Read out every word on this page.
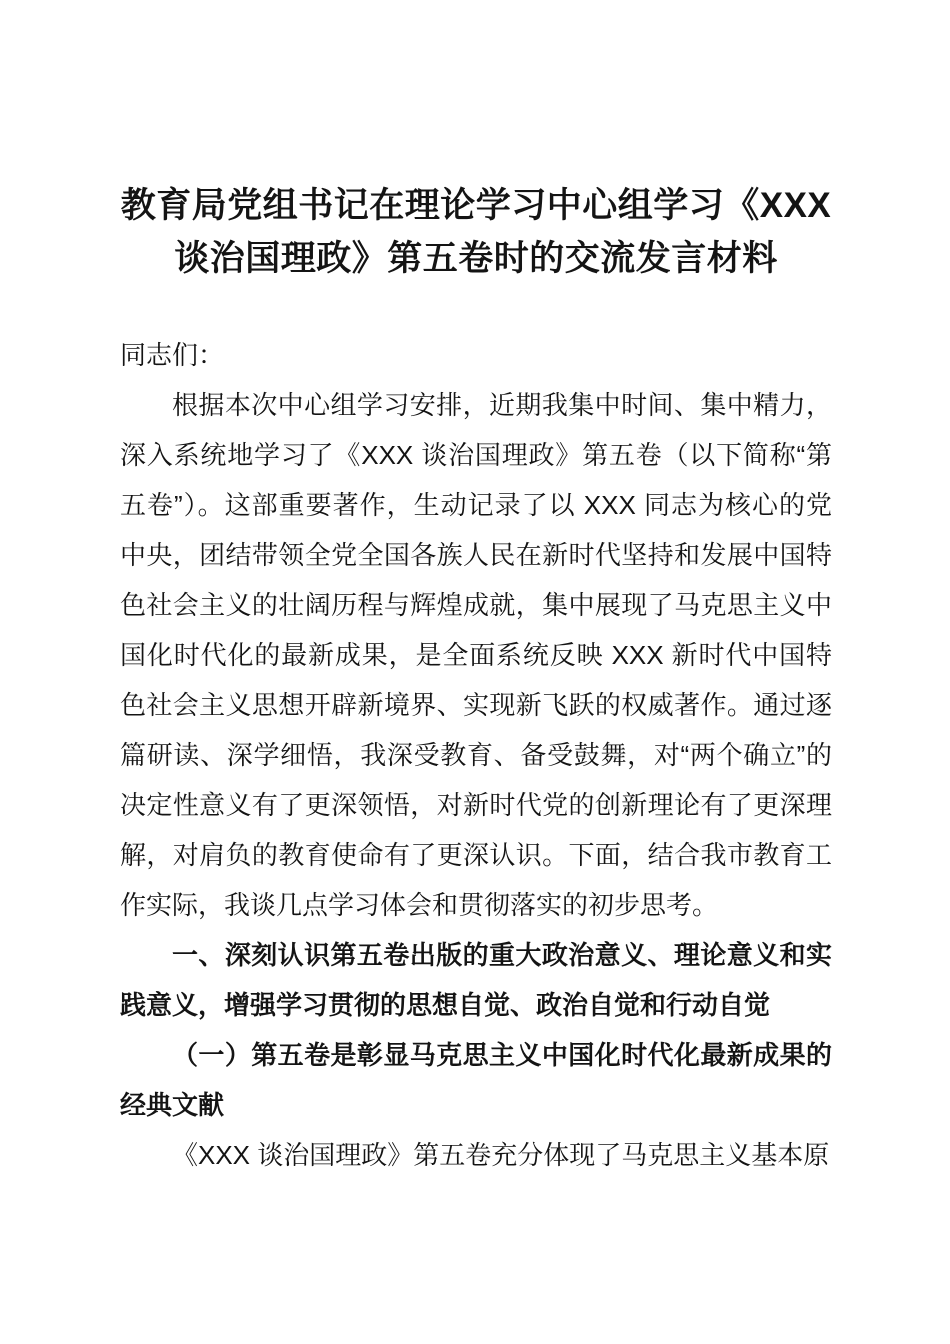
教育局党组书记在理论学习中心组学习《XXX 谈治国理政》第五卷时的交流发言材料

同志们：

根据本次中心组学习安排，近期我集中时间、集中精力，深入系统地学习了《XXX 谈治国理政》第五卷（以下简称“第五卷”）。这部重要著作，生动记录了以 XXX 同志为核心的党中央，团结带领全党全国各族人民在新时代坚持和发展中国特色社会主义的壮阔历程与辉煌成就，集中展现了马克思主义中国化时代化的最新成果，是全面系统反映 XXX 新时代中国特色社会主义思想开辟新境界、实现新飞跃的权威著作。通过逐篇研读、深学细悟，我深受教育、备受鼓舞，对“两个确立”的决定性意义有了更深领悟，对新时代党的创新理论有了更深理解，对肩负的教育使命有了更深认识。下面，结合我市教育工作实际，我谈几点学习体会和贯彻落实的初步思考。

一、深刻认识第五卷出版的重大政治意义、理论意义和实践意义，增强学习贯彻的思想自觉、政治自觉和行动自觉

（一）第五卷是彰显马克思主义中国化时代化最新成果的经典文献

《XXX 谈治国理政》第五卷充分体现了马克思主义基本原
